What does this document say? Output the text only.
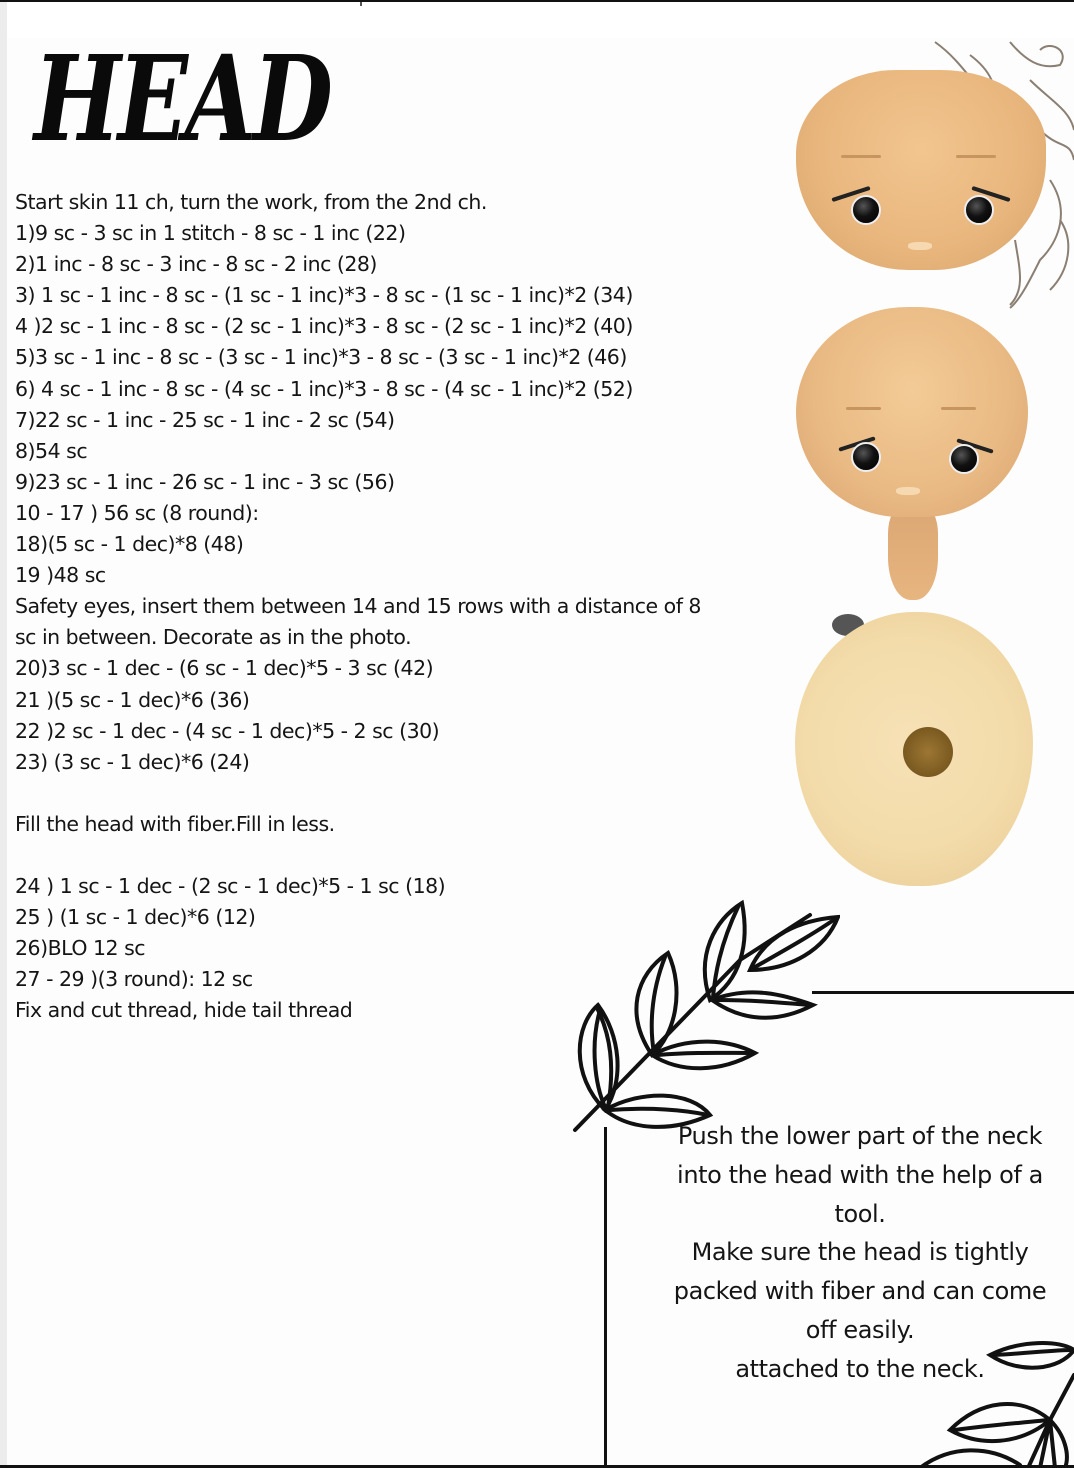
HEAD
Start skin 11 ch, turn the work, from the 2nd ch.
1)9 sc - 3 sc in 1 stitch - 8 sc - 1 inc (22)
2)1 inc - 8 sc - 3 inc - 8 sc - 2 inc (28)
3) 1 sc - 1 inc - 8 sc - (1 sc - 1 inc)*3 - 8 sc - (1 sc - 1 inc)*2 (34)
4 )2 sc - 1 inc - 8 sc - (2 sc - 1 inc)*3 - 8 sc - (2 sc - 1 inc)*2 (40)
5)3 sc - 1 inc - 8 sc - (3 sc - 1 inc)*3 - 8 sc - (3 sc - 1 inc)*2 (46)
6) 4 sc - 1 inc - 8 sc - (4 sc - 1 inc)*3 - 8 sc - (4 sc - 1 inc)*2 (52)
7)22 sc - 1 inc - 25 sc - 1 inc - 2 sc (54)
8)54 sc
9)23 sc - 1 inc - 26 sc - 1 inc - 3 sc (56)
10 - 17 ) 56 sc (8 round):
18)(5 sc - 1 dec)*8 (48)
19 )48 sc
Safety eyes, insert them between 14 and 15 rows with a distance of 8
sc in between. Decorate as in the photo.
20)3 sc - 1 dec - (6 sc - 1 dec)*5 - 3 sc (42)
21 )(5 sc - 1 dec)*6 (36)
22 )2 sc - 1 dec - (4 sc - 1 dec)*5 - 2 sc (30)
23) (3 sc - 1 dec)*6 (24)
Fill the head with fiber.Fill in less.
24 ) 1 sc - 1 dec - (2 sc - 1 dec)*5 - 1 sc (18)
25 ) (1 sc - 1 dec)*6 (12)
26)BLO 12 sc
27 - 29 )(3 round): 12 sc
Fix and cut thread, hide tail thread
Push the lower part of the neck
into the head with the help of a
tool.
Make sure the head is tightly
packed with fiber and can come
off easily.
attached to the neck.
